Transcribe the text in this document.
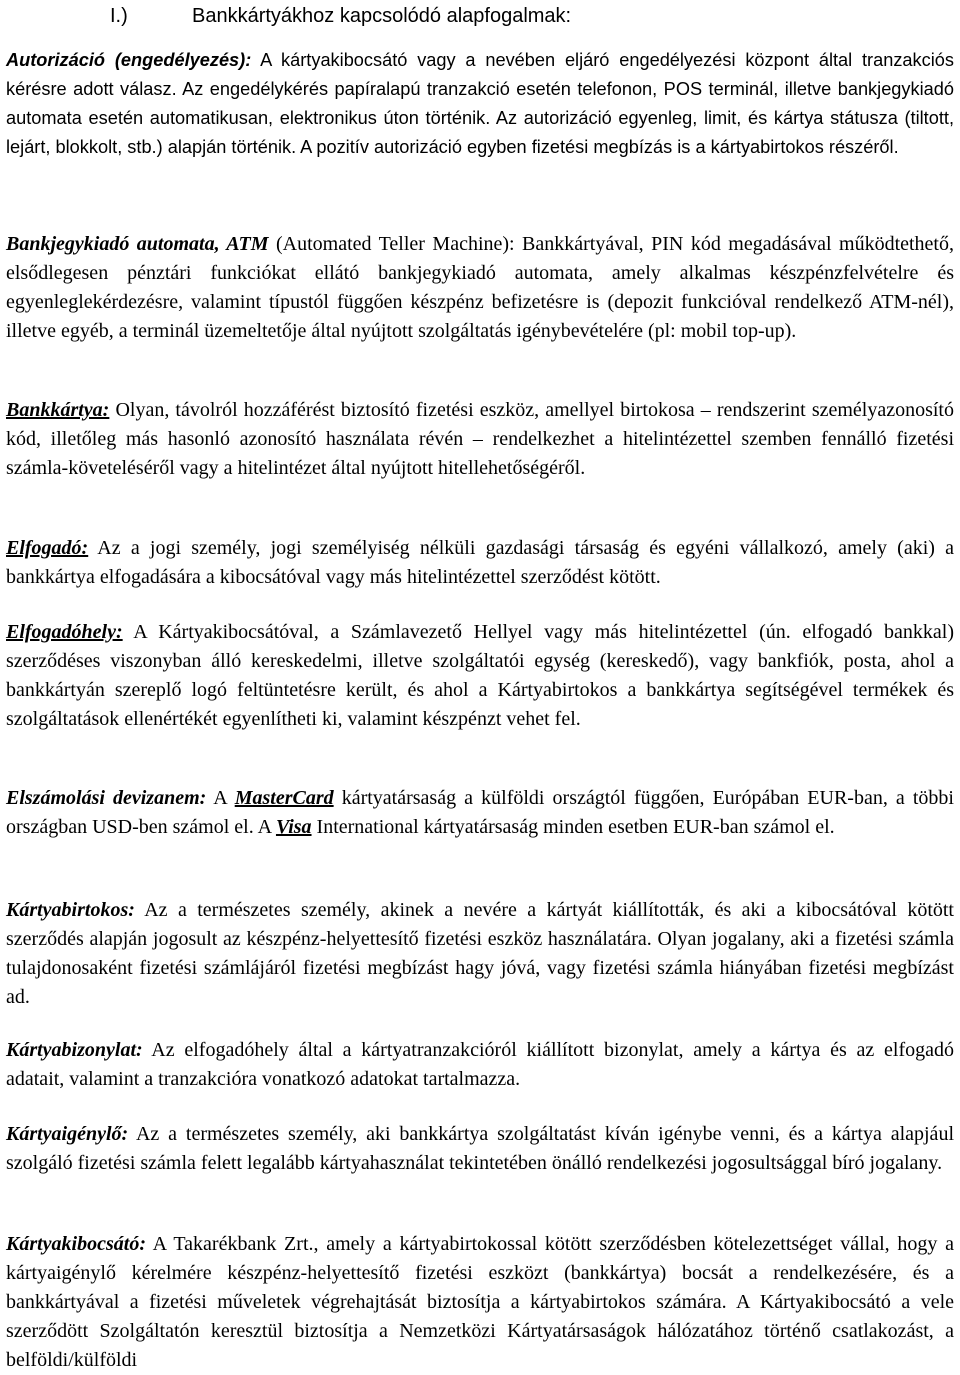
I.)	Bankkártyákhoz kapcsolódó alapfogalmak:

Autorizáció (engedélyezés): A kártyakibocsátó vagy a nevében eljáró engedélyezési központ által tranzakciós kérésre adott válasz. Az engedélykérés papíralapú tranzakció esetén telefonon, POS terminál, illetve bankjegykiadó automata esetén automatikusan, elektronikus úton történik. Az autorizáció egyenleg, limit, és kártya státusza (tiltott, lejárt, blokkolt, stb.) alapján történik. A pozitív autorizáció egyben fizetési megbízás is a kártyabirtokos részéről.

Bankjegykiadó automata, ATM (Automated Teller Machine): Bankkártyával, PIN kód megadásával működtethető, elsődlegesen pénztári funkciókat ellátó bankjegykiadó automata, amely alkalmas készpénzfelvételre és egyenleglekérdezésre, valamint típustól függően készpénz befizetésre is (depozit funkcióval rendelkező ATM-nél), illetve egyéb, a terminál üzemeltetője által nyújtott szolgáltatás igénybevételére (pl: mobil top-up).

Bankkártya: Olyan, távolról hozzáférést biztosító fizetési eszköz, amellyel birtokosa – rendszerint személyazonosító kód, illetőleg más hasonló azonosító használata révén – rendelkezhet a hitelintézettel szemben fennálló fizetési számla-követeléséről vagy a hitelintézet által nyújtott hitellehetőségéről.

Elfogadó: Az a jogi személy, jogi személyiség nélküli gazdasági társaság és egyéni vállalkozó, amely (aki) a bankkártya elfogadására a kibocsátóval vagy más hitelintézettel szerződést kötött.

Elfogadóhely: A Kártyakibocsátóval, a Számlavezető Hellyel vagy más hitelintézettel (ún. elfogadó bankkal) szerződéses viszonyban álló kereskedelmi, illetve szolgáltatói egység (kereskedő), vagy bankfiók, posta, ahol a bankkártyán szereplő logó feltüntetésre került, és ahol a Kártyabirtokos a bankkártya segítségével termékek és szolgáltatások ellenértékét egyenlítheti ki, valamint készpénzt vehet fel.

Elszámolási devizanem: A MasterCard kártyatársaság a külföldi országtól függően, Európában EUR-ban, a többi országban USD-ben számol el. A Visa International kártyatársaság minden esetben EUR-ban számol el.

Kártyabirtokos: Az a természetes személy, akinek a nevére a kártyát kiállították, és aki a kibocsátóval kötött szerződés alapján jogosult az készpénz-helyettesítő fizetési eszköz használatára. Olyan jogalany, aki a fizetési számla tulajdonosaként fizetési számlájáról fizetési megbízást hagy jóvá, vagy fizetési számla hiányában fizetési megbízást ad.

Kártyabizonylat: Az elfogadóhely által a kártyatranzakcióról kiállított bizonylat, amely a kártya és az elfogadó adatait, valamint a tranzakcióra vonatkozó adatokat tartalmazza.

Kártyaigénylő: Az a természetes személy, aki bankkártya szolgáltatást kíván igénybe venni, és a kártya alapjául szolgáló fizetési számla felett legalább kártyahasználat tekintetében önálló rendelkezési jogosultsággal bíró jogalany.

Kártyakibocsátó: A Takarékbank Zrt., amely a kártyabirtokossal kötött szerződésben kötelezettséget vállal, hogy a kártyaigénylő kérelmére készpénz-helyettesítő fizetési eszközt (bankkártya) bocsát a rendelkezésére, és a bankkártyával a fizetési műveletek végrehajtását biztosítja a kártyabirtokos számára. A Kártyakibocsátó a vele szerződött Szolgáltatón keresztül biztosítja a Nemzetközi Kártyatársaságok hálózatához történő csatlakozást, a belföldi/külföldi
